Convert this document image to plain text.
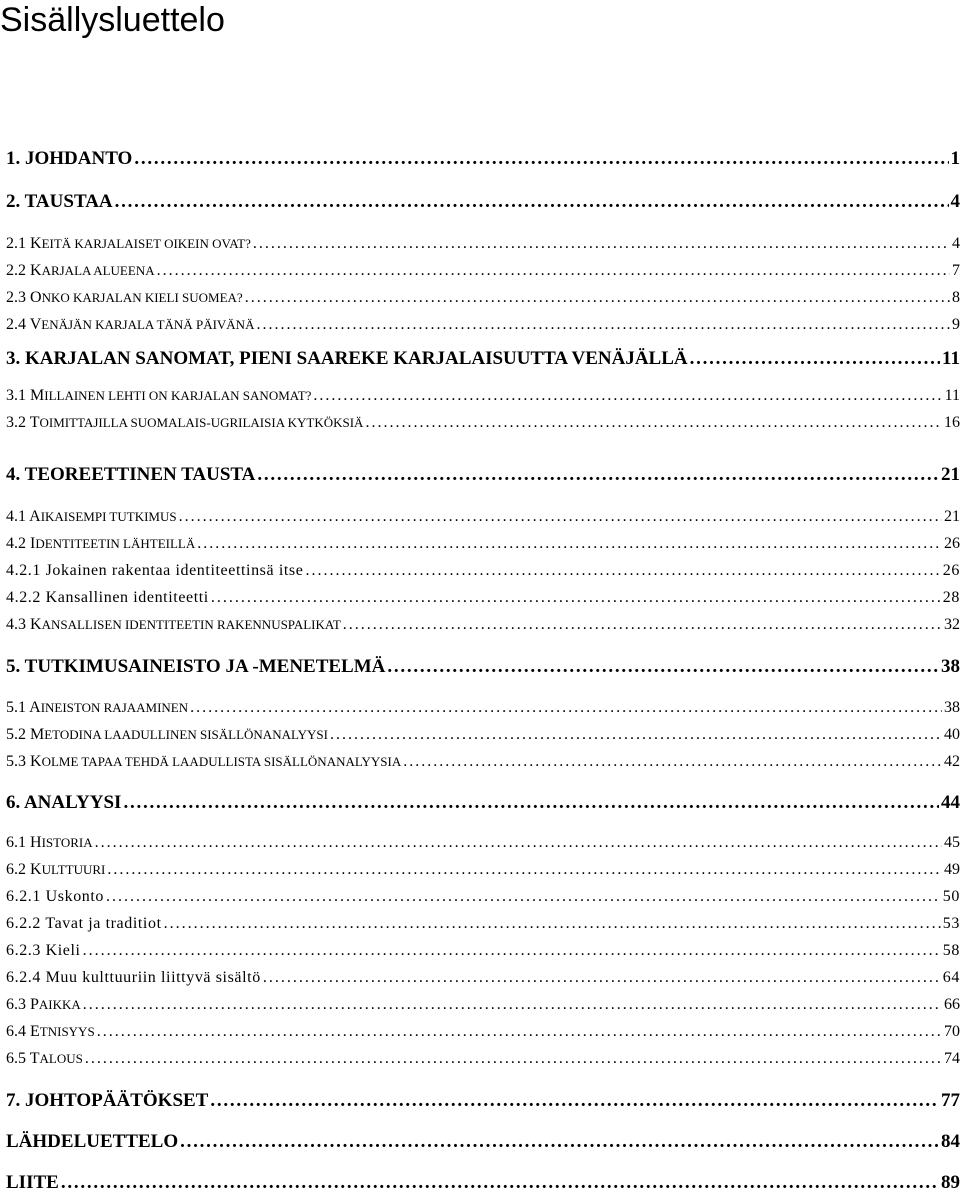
Sisällysluettelo
1. JOHDANTO . . .	1
2. TAUSTAA . . .	4
2.1 KEITÄ KARJALAISET OIKEIN OVAT? . . .	4
2.2 KARJALA ALUEENA . . .	7
2.3 ONKO KARJALAN KIELI SUOMEA? . . .	8
2.4 VENÄJÄN KARJALA TÄNÄ PÄIVÄNÄ . . .	9
3. KARJALAN SANOMAT, PIENI SAAREKE KARJALAISUUTTA VENÄJÄLLÄ . . .	11
3.1 MILLAINEN LEHTI ON KARJALAN SANOMAT? . . .	11
3.2 TOIMITTAJILLA SUOMALAIS-UGRILAISIA KYTKÖKSIÄ . . .	16
4. TEOREETTINEN TAUSTA . . .	21
4.1 AIKAISEMPI TUTKIMUS . . .	21
4.2 IDENTITEETIN LÄHTEILLÄ . . .	26
4.2.1 Jokainen rakentaa identiteettinsä itse . . .	26
4.2.2 Kansallinen identiteetti . . .	28
4.3 KANSALLISEN IDENTITEETIN RAKENNUSPALIKAT . . .	32
5. TUTKIMUSAINEISTO JA -MENETELMÄ . . .	38
5.1 AINEISTON RAJAAMINEN . . .	38
5.2 METODINA LAADULLINEN SISÄLLÖNANALYYSI . . .	40
5.3 KOLME TAPAA TEHDÄ LAADULLISTA SISÄLLÖNANALYYSIA . . .	42
6. ANALYYSI . . .	44
6.1 HISTORIA . . .	45
6.2 KULTTUURI . . .	49
6.2.1 Uskonto . . .	50
6.2.2 Tavat ja traditiot . . .	53
6.2.3 Kieli . . .	58
6.2.4 Muu kulttuuriin liittyvä sisältö . . .	64
6.3 PAIKKA . . .	66
6.4 ETNISYYS . . .	70
6.5 TALOUS . . .	74
7. JOHTOPÄÄTÖKSET . . .	77
LÄHDELUETTELO . . .	84
LIITE . . .	89
